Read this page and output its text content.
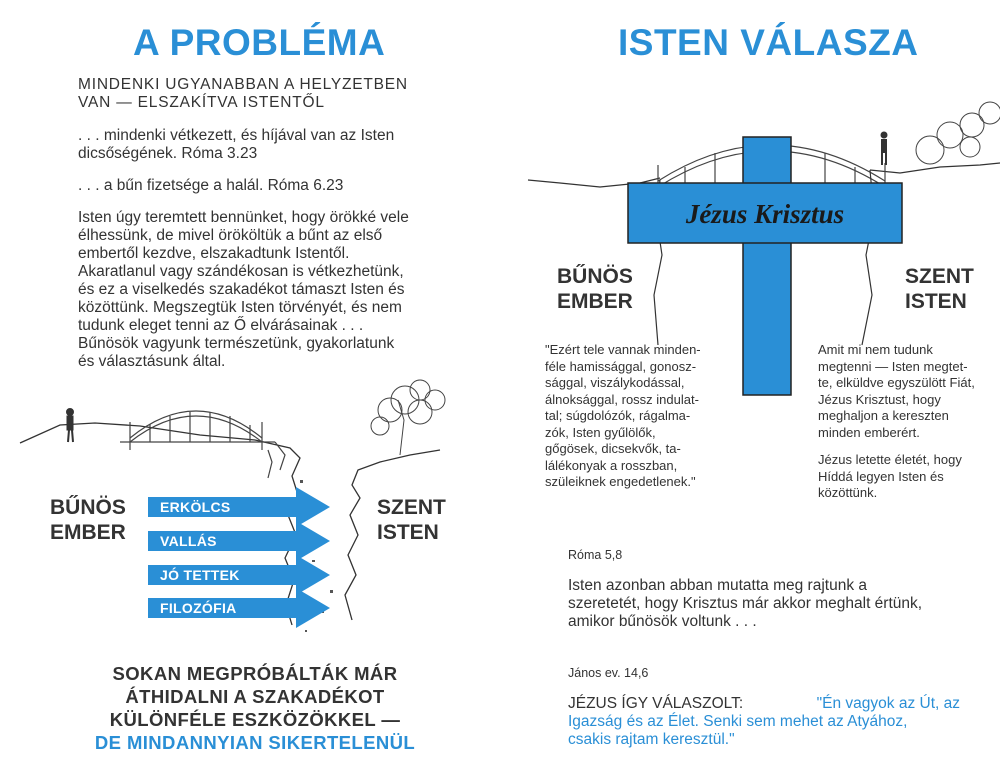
A PROBLÉMA
MINDENKI UGYANABBAN A HELYZETBEN
VAN — ELSZAKÍTVA ISTENTŐL
. . . mindenki vétkezett, és híjával van az Isten
dicsőségének. Róma 3.23
. . . a bűn fizetsége a halál. Róma 6.23
Isten úgy teremtett bennünket, hogy örökké vele
élhessünk, de mivel örököltük a bűnt az első
embertől kezdve, elszakadtunk Istentől.
Akaratlanul vagy szándékosan is vétkezhetünk,
és ez a viselkedés szakadékot támaszt Isten és
közöttünk. Megszegtük Isten törvényét, és nem
tudunk eleget tenni az Ő elvárásainak . . .
Bűnösök vagyunk természetünk, gyakorlatunk
és választásunk által.
ERKÖLCS
VALLÁS
JÓ TETTEK
FILOZÓFIA
BŰNÖS
EMBER
SZENT
ISTEN
SOKAN MEGPRÓBÁLTÁK MÁR
ÁTHIDALNI A SZAKADÉKOT
KÜLÖNFÉLE ESZKÖZÖKKEL —
DE MINDANNYIAN SIKERTELENÜL
ISTEN VÁLASZA
Jézus Krisztus
BŰNÖS
EMBER
SZENT
ISTEN
"Ezért tele vannak minden-
féle hamissággal, gonosz-
sággal, viszálykodással,
álnoksággal, rossz indulat-
tal; súgdolózók, rágalma-
zók, Isten gyűlölők,
gőgösek, dicsekvők, ta-
lálékonyak a rosszban,
szüleiknek engedetlenek."
Amit mi nem tudunk
megtenni — Isten megtet-
te, elküldve egyszülött Fiát,
Jézus Krisztust, hogy
meghaljon a kereszten
minden emberért.
Jézus letette életét, hogy
Híddá legyen Isten és
közöttünk.
Róma 5,8
Isten azonban abban mutatta meg rajtunk a
szeretetét, hogy Krisztus már akkor meghalt értünk,
amikor bűnösök voltunk . . .
János ev. 14,6
JÉZUS ÍGY VÁLASZOLT:	"Én vagyok az Út, az
Igazság és az Élet. Senki sem mehet az Atyához,
csakis rajtam keresztül."
